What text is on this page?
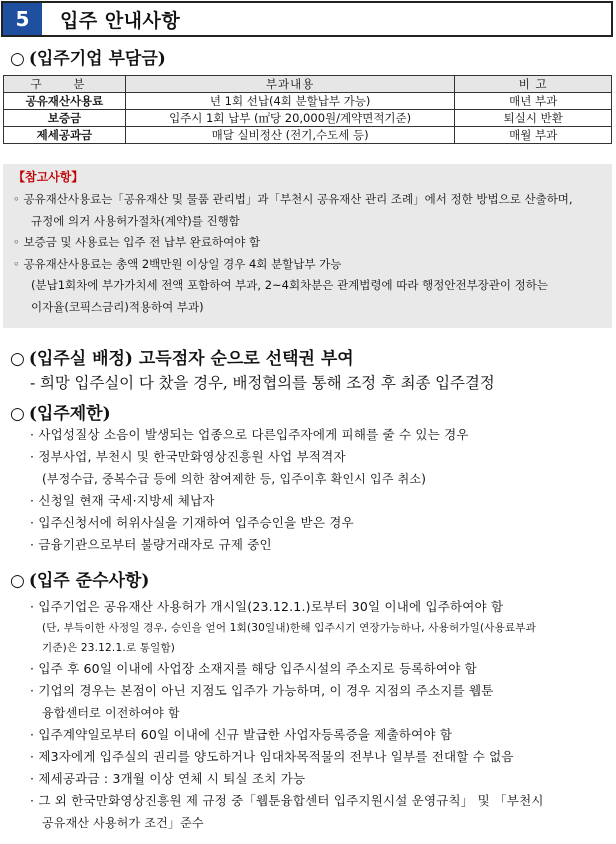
5	입주 안내사항
○ (입주기업 부담금)
구 분	부과내용	비 고
공유재산사용료	년 1회 선납(4회 분할납부 가능)	매년 부과
보증금	입주시 1회 납부 (㎡당 20,000원/계약면적기준)	퇴실시 반환
제세공과금	매달 실비정산 (전기,수도세 등)	매월 부과
【참고사항】
◦ 공유재산사용료는「공유재산 및 물품 관리법」과「부천시 공유재산 관리 조례」에서 정한 방법으로 산출하며,
규정에 의거 사용허가절차(계약)를 진행함
◦ 보증금 및 사용료는 입주 전 납부 완료하여야 함
◦ 공유재산사용료는 총액 2백만원 이상일 경우 4회 분할납부 가능
(분납1회차에 부가가치세 전액 포함하여 부과, 2~4회차분은 관계법령에 따라 행정안전부장관이 정하는
이자율(코픽스금리)적용하여 부과)
○ (입주실 배정) 고득점자 순으로 선택권 부여
- 희망 입주실이 다 찼을 경우, 배정협의를 통해 조정 후 최종 입주결정
○ (입주제한)
· 사업성질상 소음이 발생되는 업종으로 다른입주자에게 피해를 줄 수 있는 경우
· 정부사업, 부천시 및 한국만화영상진흥원 사업 부적격자
(부정수급, 중복수급 등에 의한 참여제한 등, 입주이후 확인시 입주 취소)
· 신청일 현재 국세·지방세 체납자
· 입주신청서에 허위사실을 기재하여 입주승인을 받은 경우
· 금융기관으로부터 불량거래자로 규제 중인
○ (입주 준수사항)
· 입주기업은 공유재산 사용허가 개시일(23.12.1.)로부터 30일 이내에 입주하여야 함
(단, 부득이한 사정일 경우, 승인을 얻어 1회(30일내)한해 입주시기 연장가능하나, 사용허가일(사용료부과
기준)은 23.12.1.로 통일함)
· 입주 후 60일 이내에 사업장 소재지를 해당 입주시설의 주소지로 등록하여야 함
· 기업의 경우는 본점이 아닌 지점도 입주가 가능하며, 이 경우 지점의 주소지를 웹툰
융합센터로 이전하여야 함
· 입주계약일로부터 60일 이내에 신규 발급한 사업자등록증을 제출하여야 함
· 제3자에게 입주실의 권리를 양도하거나 임대차목적물의 전부나 일부를 전대할 수 없음
· 제세공과금 : 3개월 이상 연체 시 퇴실 조치 가능
· 그 외 한국만화영상진흥원 제 규정 중「웹툰융합센터 입주지원시설 운영규칙」 및 「부천시
공유재산 사용허가 조건」준수
